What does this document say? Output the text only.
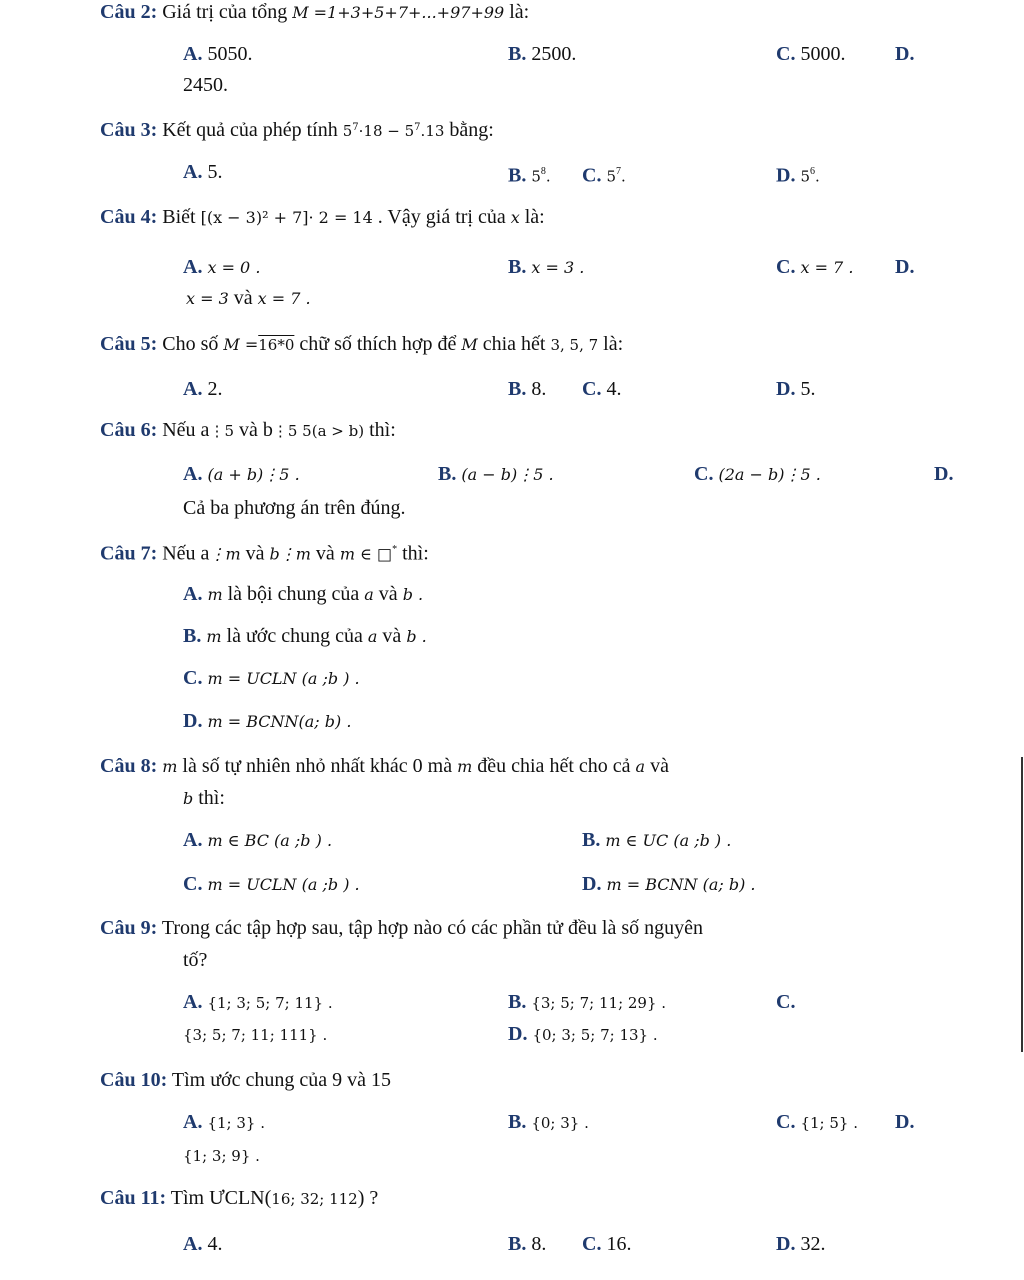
Câu 2: Giá trị của tổng M =1+3+5+7+...+97+99 là:
A. 5050.	B. 2500.	C. 5000. D.
2450.
Câu 3: Kết quả của phép tính $5^7\cdot 18 - 5^7.13$ bằng:
A. 5.	B. $5^8$. C. $5^7$.	D. $5^6$.
Câu 4: Biết [(x − 3)² + 7]· 2 = 14 . Vậy giá trị của x là:
A. x = 0 .	B. x = 3 .	C. x = 7 . D.
x = 3 và x = 7 .
Câu 5: Cho số M =16*0 chữ số thích hợp để M chia hết 3, 5, 7 là:
A. 2.	B. 8. C. 4.	D. 5.
Câu 6: Nếu a⋮5 và b⋮5 5(a > b) thì:
A. (a + b)⋮5 .	B. (a − b)⋮5 .	C. (2a − b)⋮5 .	D.
Cả ba phương án trên đúng.
Câu 7: Nếu a⋮m và b⋮m và m ∈ □* thì:
A. m là bội chung của a và b .
B. m là ước chung của a và b .
C. m = UCLN (a ;b ) .
D. m = BCNN(a; b) .
Câu 8: m là số tự nhiên nhỏ nhất khác 0 mà m đều chia hết cho cả a và
b thì:
A. m ∈ BC (a ;b ) .	B. m ∈ UC (a ;b ) .
C. m = UCLN (a ;b ) .	D. m = BCNN (a; b) .
Câu 9: Trong các tập hợp sau, tập hợp nào có các phần tử đều là số nguyên
tố?
A. {1; 3; 5; 7; 11} .	B. {3; 5; 7; 11; 29} .	C.
{3; 5; 7; 11; 111} .	D. {0; 3; 5; 7; 13} .
Câu 10: Tìm ước chung của 9 và 15
A. {1; 3} .	B. {0; 3} .	C. {1; 5} . D.
{1; 3; 9} .
Câu 11: Tìm ƯCLN(16; 32; 112) ?
A. 4.	B. 8. C. 16.	D. 32.
